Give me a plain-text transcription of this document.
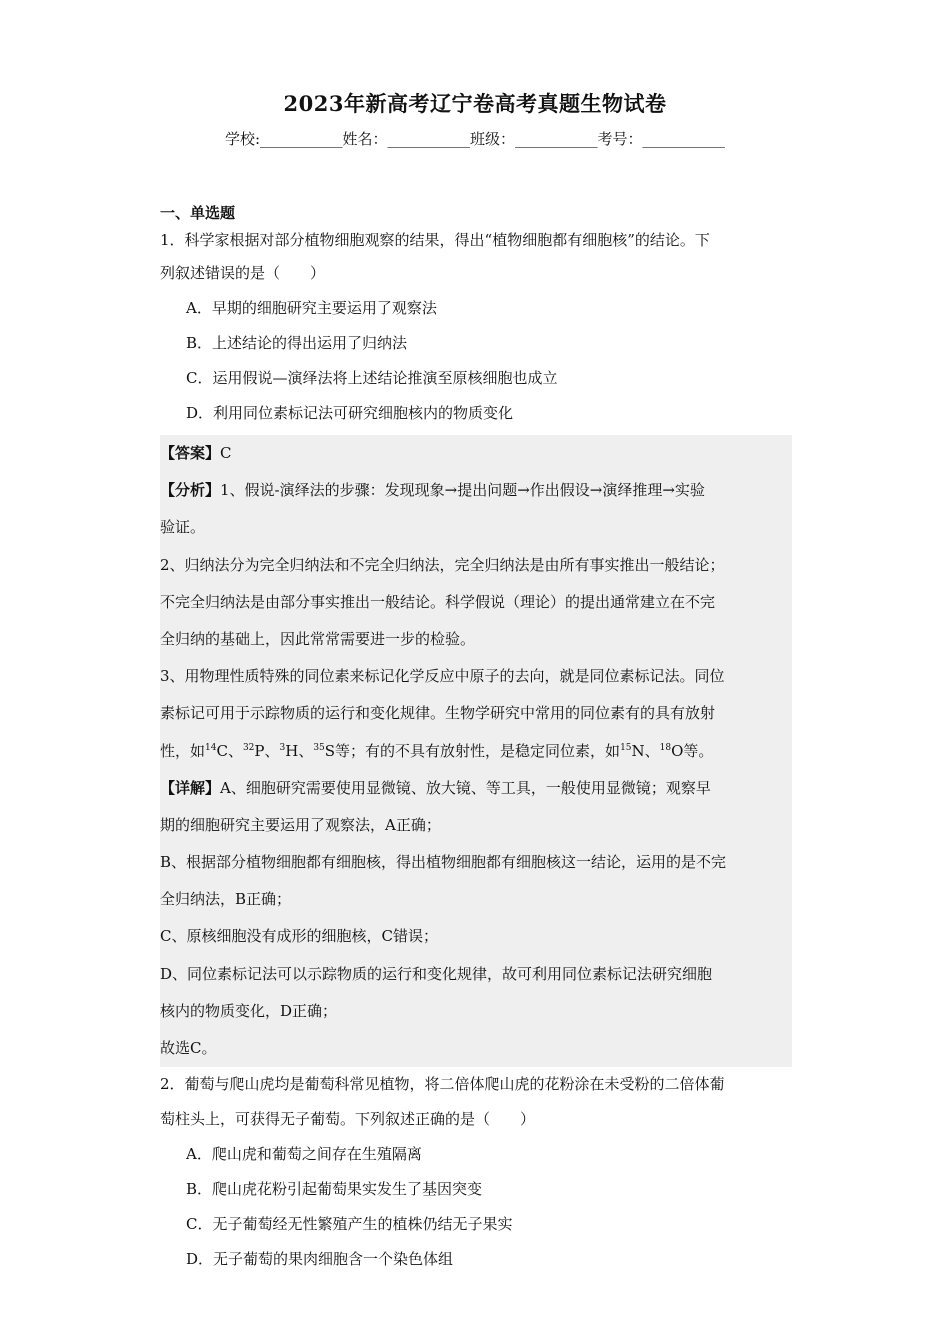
2023年新高考辽宁卷高考真题生物试卷
学校:___________姓名：___________班级：___________考号：___________
一、单选题
1．科学家根据对部分植物细胞观察的结果，得出“植物细胞都有细胞核”的结论。下
列叙述错误的是（　　）
A．早期的细胞研究主要运用了观察法
B．上述结论的得出运用了归纳法
C．运用假说—演绎法将上述结论推演至原核细胞也成立
D．利用同位素标记法可研究细胞核内的物质变化
【答案】C
【分析】1、假说-演绎法的步骤：发现现象→提出问题→作出假设→演绎推理→实验
验证。
2、归纳法分为完全归纳法和不完全归纳法，完全归纳法是由所有事实推出一般结论；
不完全归纳法是由部分事实推出一般结论。科学假说（理论）的提出通常建立在不完
全归纳的基础上，因此常常需要进一步的检验。
3、用物理性质特殊的同位素来标记化学反应中原子的去向，就是同位素标记法。同位
素标记可用于示踪物质的运行和变化规律。生物学研究中常用的同位素有的具有放射
性，如$^{14}$C、$^{32}$P、$^3$H、$^{35}$S等；有的不具有放射性，是稳定同位素，如$^{15}$N、$^{18}$O等。
【详解】A、细胞研究需要使用显微镜、放大镜、等工具，一般使用显微镜；观察早
期的细胞研究主要运用了观察法，A正确；
B、根据部分植物细胞都有细胞核，得出植物细胞都有细胞核这一结论，运用的是不完
全归纳法，B正确；
C、原核细胞没有成形的细胞核，C错误；
D、同位素标记法可以示踪物质的运行和变化规律，故可利用同位素标记法研究细胞
核内的物质变化，D正确；
故选C。
2．葡萄与爬山虎均是葡萄科常见植物，将二倍体爬山虎的花粉涂在未受粉的二倍体葡
萄柱头上，可获得无子葡萄。下列叙述正确的是（　　）
A．爬山虎和葡萄之间存在生殖隔离
B．爬山虎花粉引起葡萄果实发生了基因突变
C．无子葡萄经无性繁殖产生的植株仍结无子果实
D．无子葡萄的果肉细胞含一个染色体组
